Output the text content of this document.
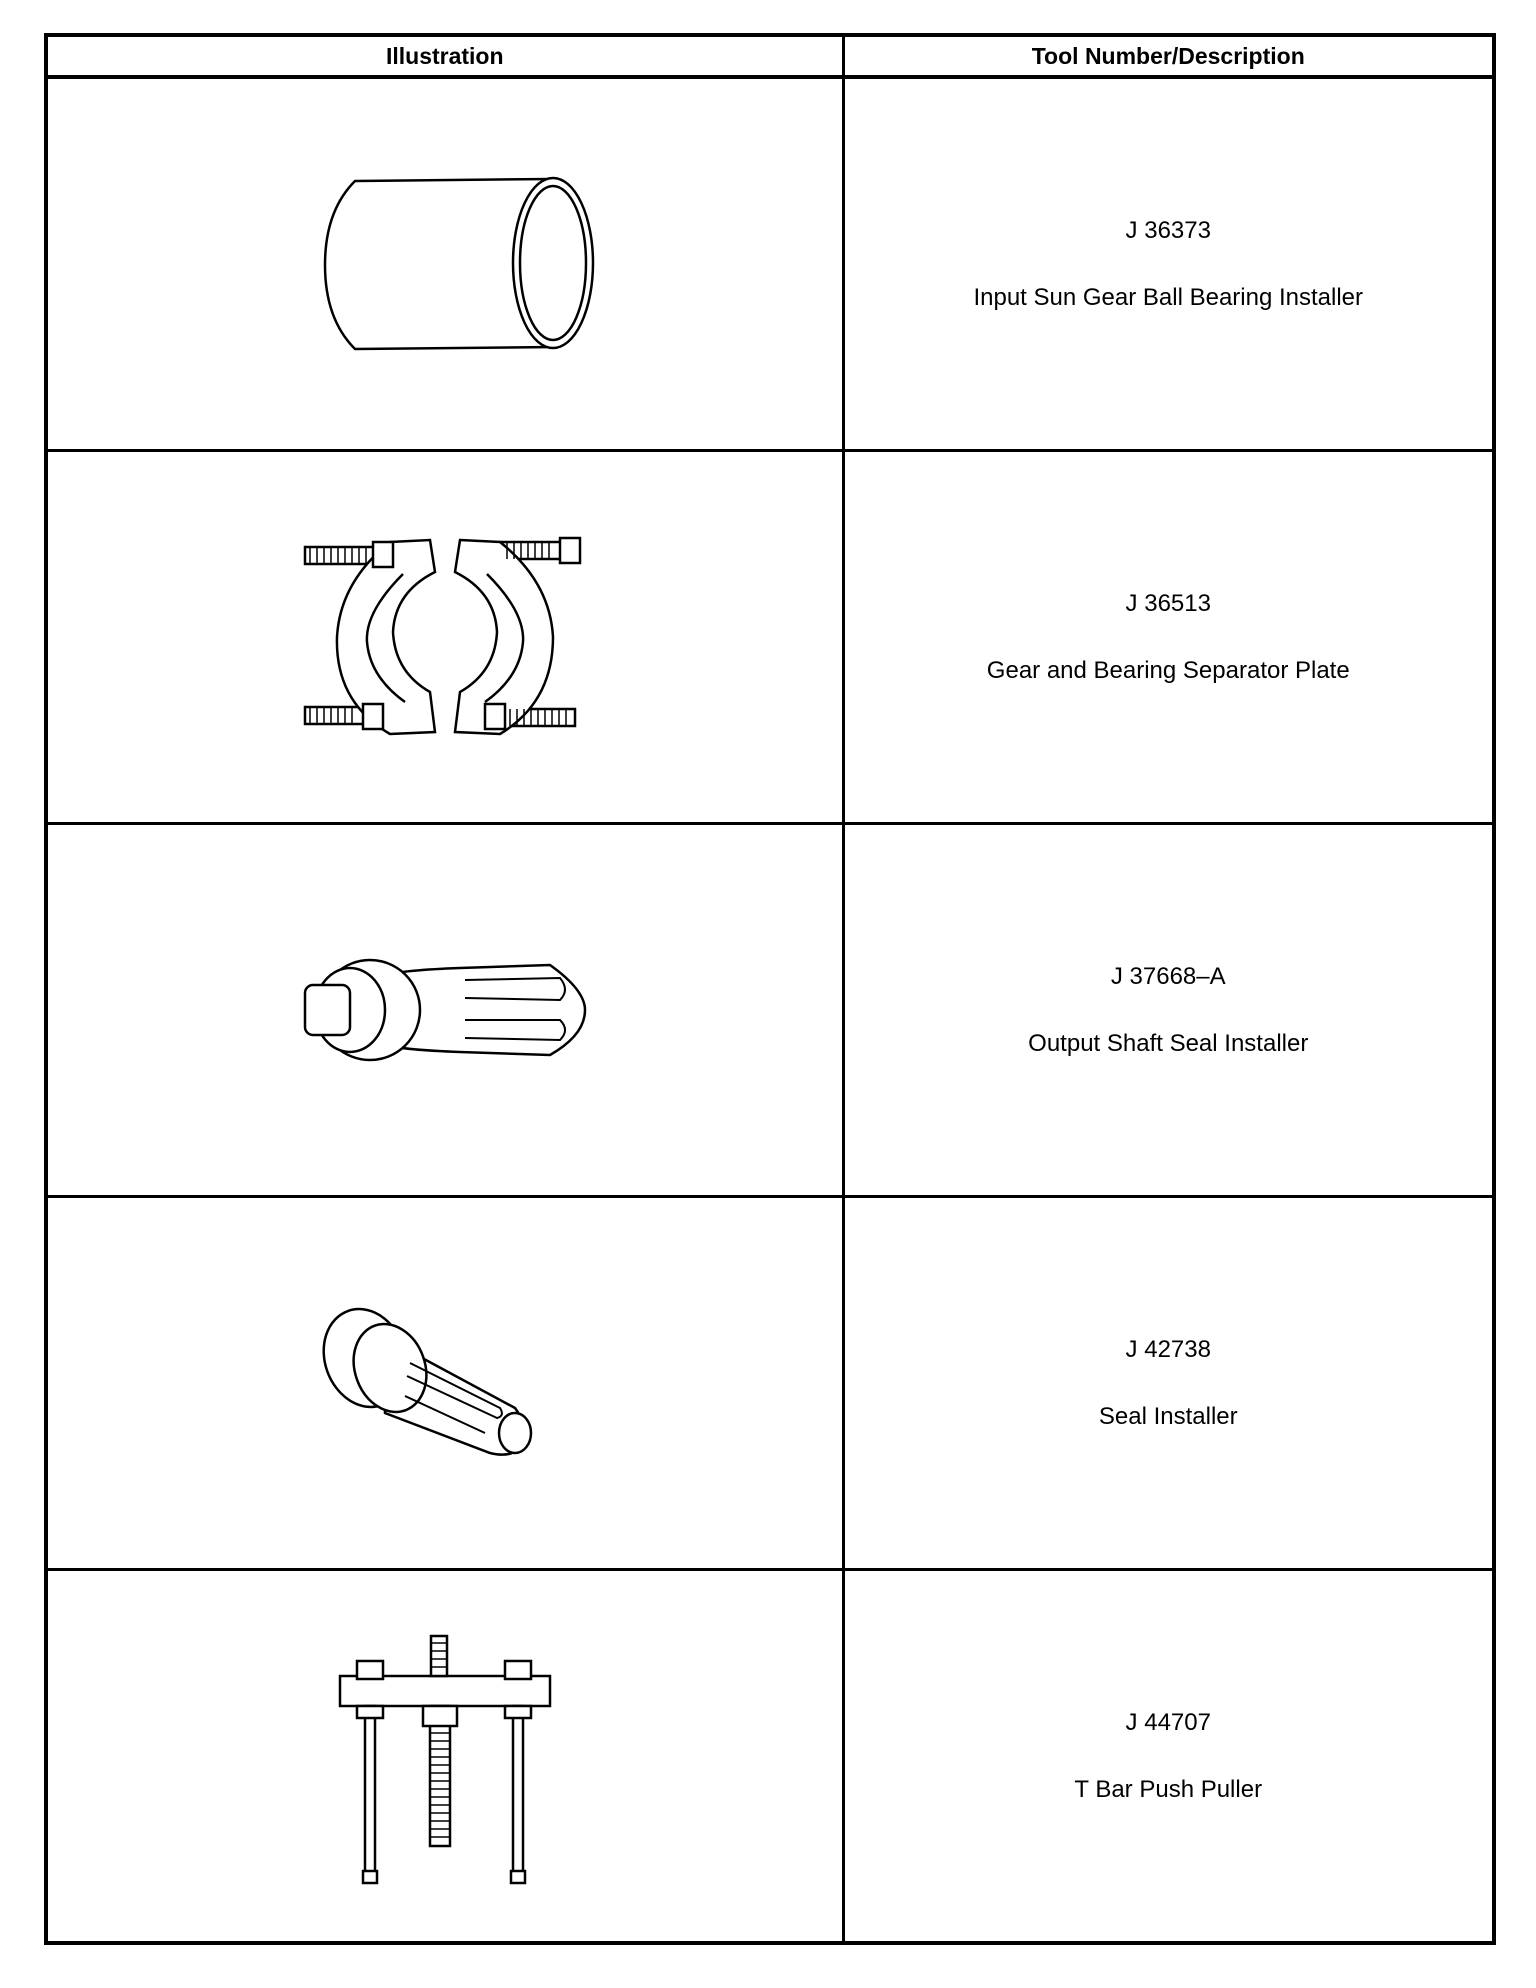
Illustration	Tool Number/Description

J 36373
Input Sun Gear Ball Bearing Installer

J 36513
Gear and Bearing Separator Plate

J 37668–A
Output Shaft Seal Installer

J 42738
Seal Installer

J 44707
T Bar Push Puller
